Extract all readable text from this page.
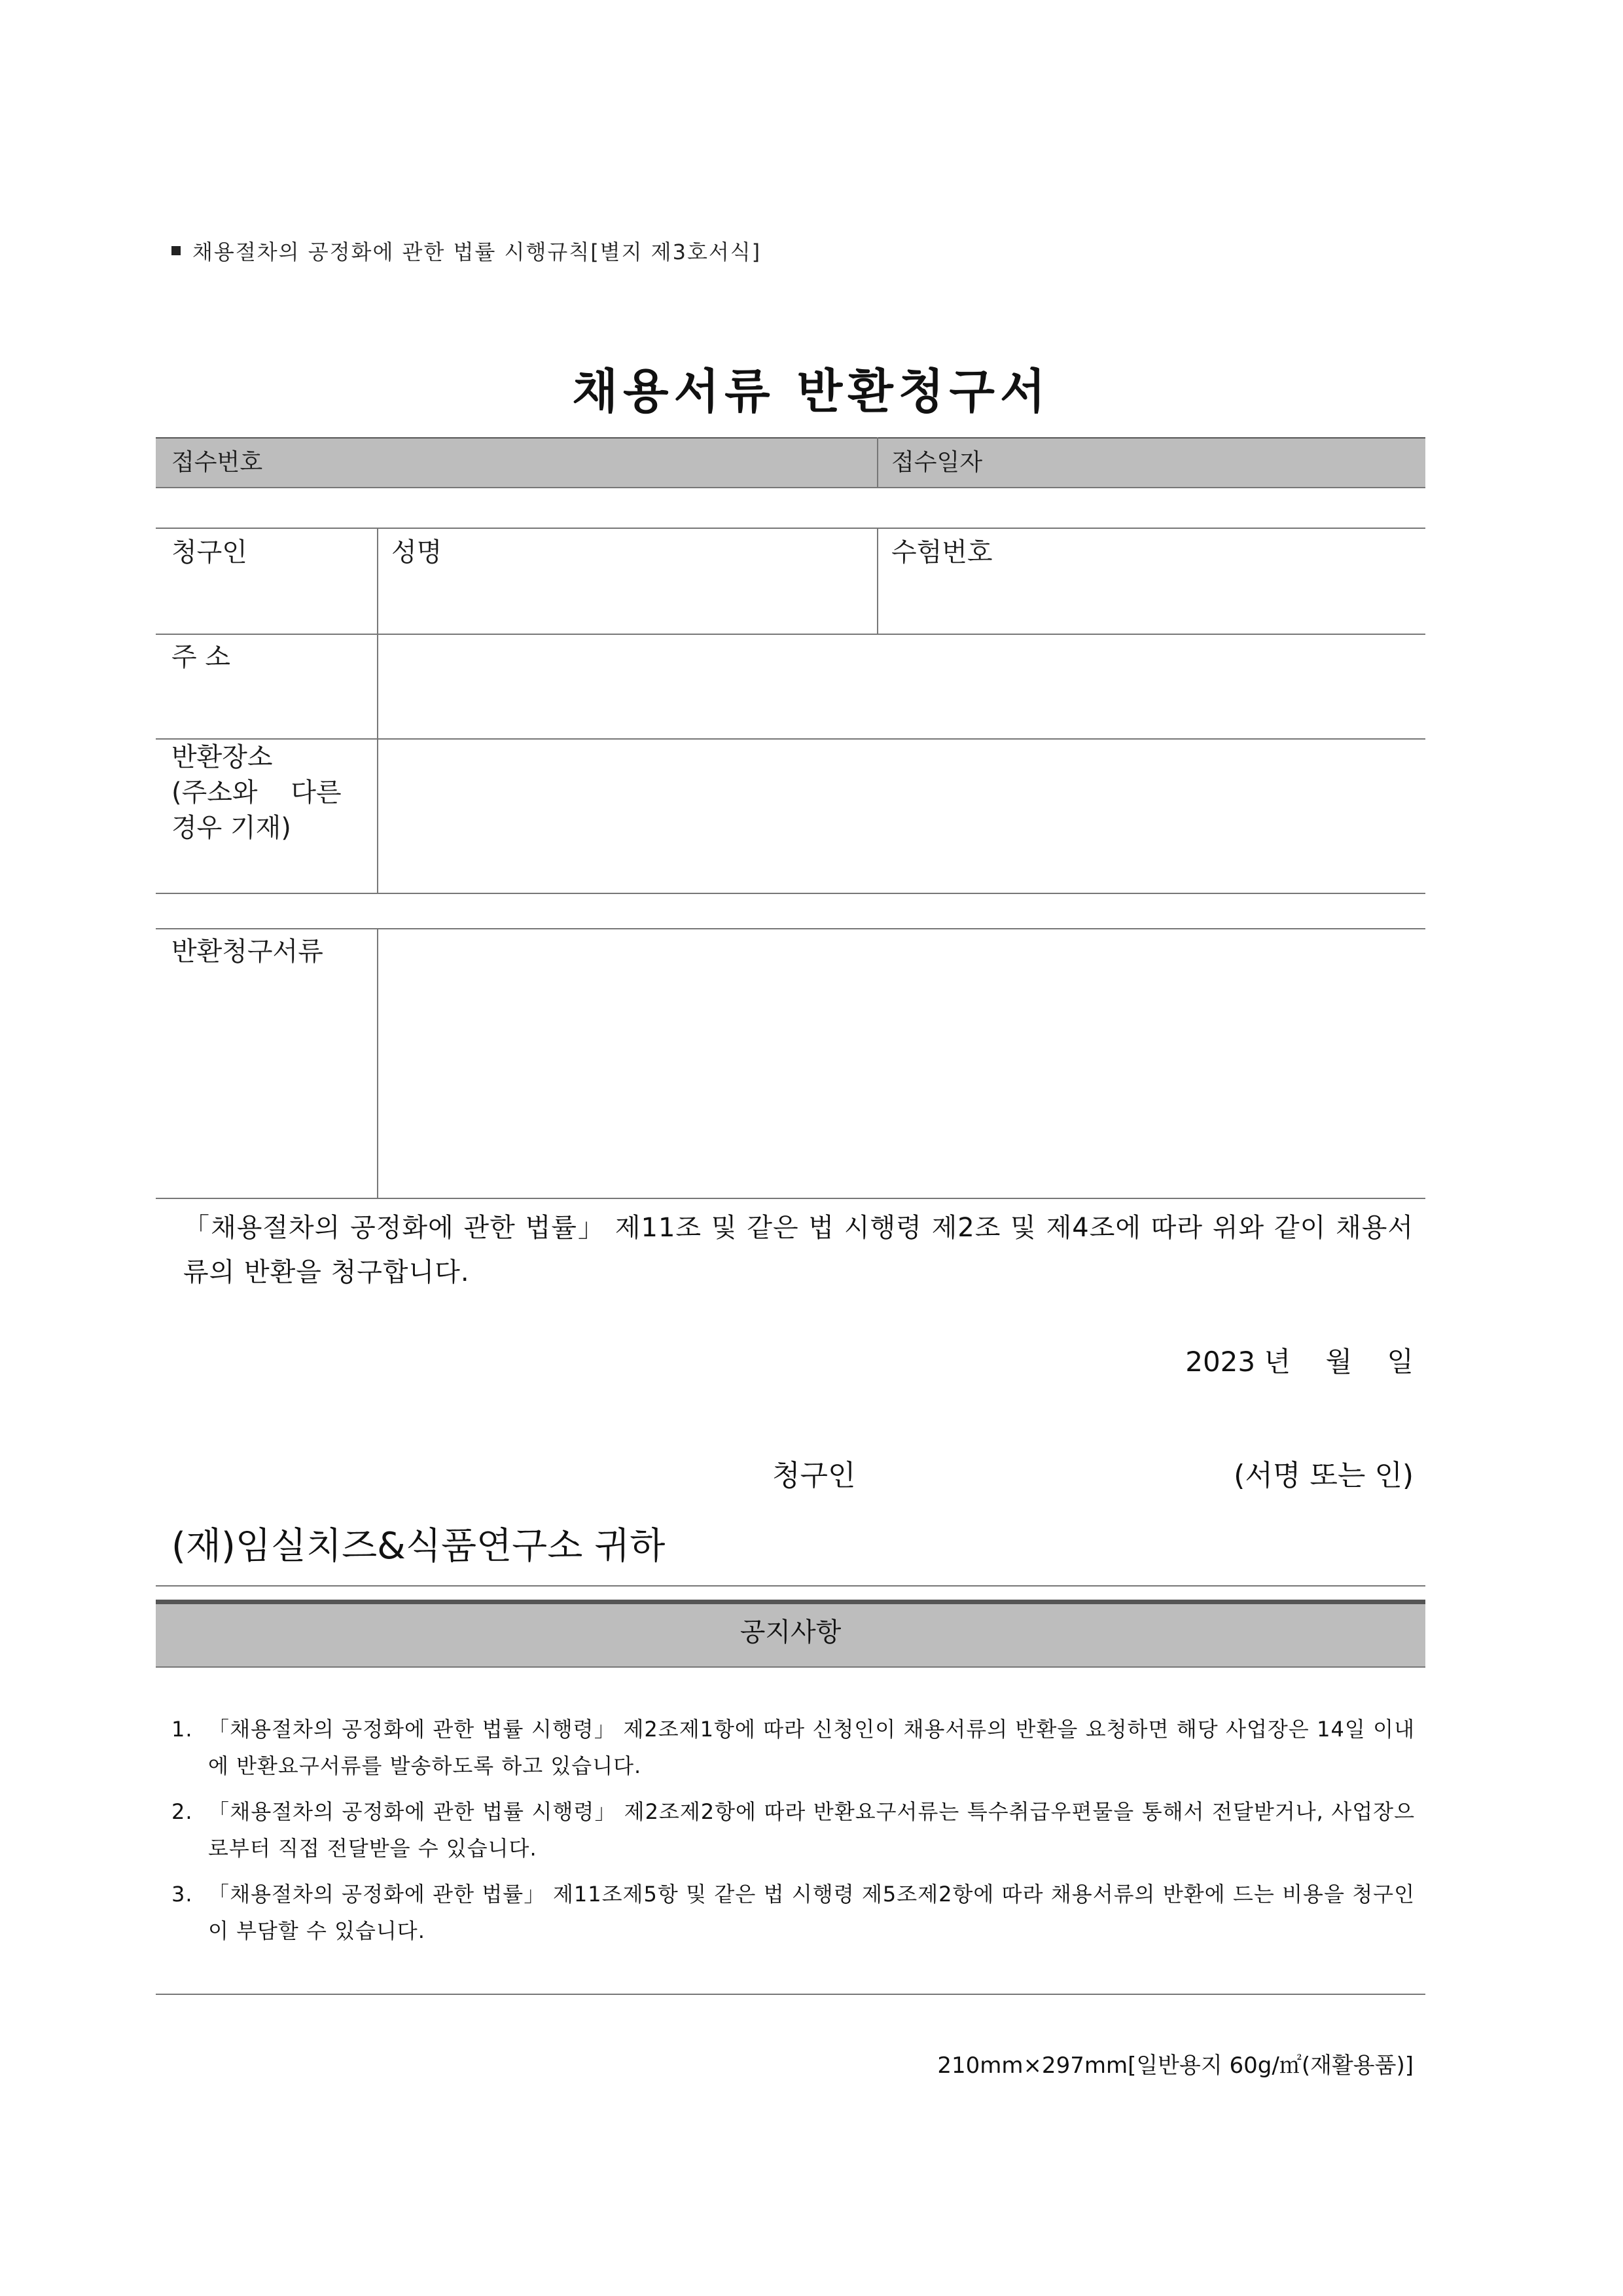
채용절차의 공정화에 관한 법률 시행규칙[별지 제3호서식]
채용서류 반환청구서
접수번호	접수일자
청구인	성명	수험번호
주 소
반환장소
(주소와    다른
경우 기재)
반환청구서류
「채용절차의 공정화에 관한 법률」 제11조 및 같은 법 시행령 제2조 및 제4조에 따라 위와 같이 채용서류의 반환을 청구합니다.
2023 년    월    일
청구인	(서명 또는 인)
(재)임실치즈&식품연구소 귀하
공지사항
1. 「채용절차의 공정화에 관한 법률 시행령」 제2조제1항에 따라 신청인이 채용서류의 반환을 요청하면 해당 사업장은 14일 이내에 반환요구서류를 발송하도록 하고 있습니다.
2. 「채용절차의 공정화에 관한 법률 시행령」 제2조제2항에 따라 반환요구서류는 특수취급우편물을 통해서 전달받거나, 사업장으로부터 직접 전달받을 수 있습니다.
3. 「채용절차의 공정화에 관한 법률」 제11조제5항 및 같은 법 시행령 제5조제2항에 따라 채용서류의 반환에 드는 비용을 청구인이 부담할 수 있습니다.
210mm×297mm[일반용지 60g/㎡(재활용품)]
